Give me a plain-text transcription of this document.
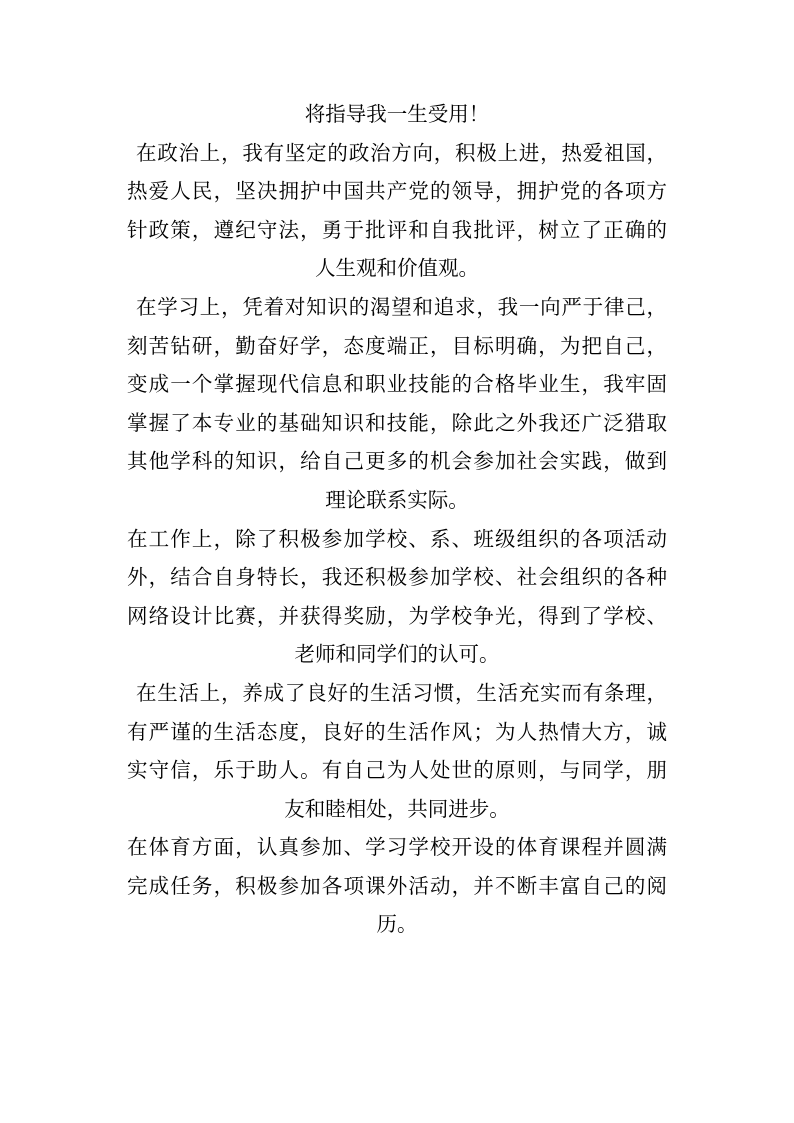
将指导我一生受用！
在政治上，我有坚定的政治方向，积极上进，热爱祖国，
热爱人民，坚决拥护中国共产党的领导，拥护党的各项方
针政策，遵纪守法，勇于批评和自我批评，树立了正确的
人生观和价值观。
在学习上，凭着对知识的渴望和追求，我一向严于律己，
刻苦钻研，勤奋好学，态度端正，目标明确，为把自己，
变成一个掌握现代信息和职业技能的合格毕业生，我牢固
掌握了本专业的基础知识和技能，除此之外我还广泛猎取
其他学科的知识，给自己更多的机会参加社会实践，做到
理论联系实际。
在工作上，除了积极参加学校、系、班级组织的各项活动
外，结合自身特长，我还积极参加学校、社会组织的各种
网络设计比赛，并获得奖励，为学校争光，得到了学校、
老师和同学们的认可。
在生活上，养成了良好的生活习惯，生活充实而有条理，
有严谨的生活态度，良好的生活作风；为人热情大方，诚
实守信，乐于助人。有自己为人处世的原则，与同学，朋
友和睦相处，共同进步。
在体育方面，认真参加、学习学校开设的体育课程并圆满
完成任务，积极参加各项课外活动，并不断丰富自己的阅
历。
